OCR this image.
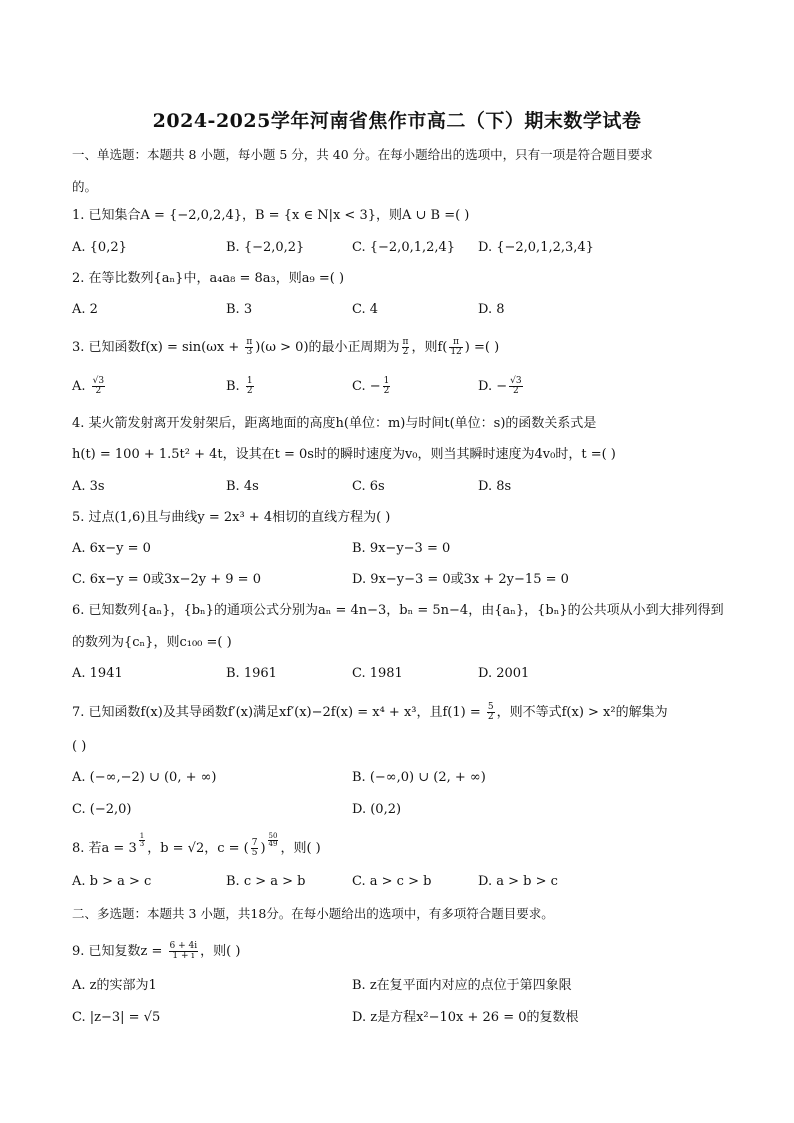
2024-2025学年河南省焦作市高二（下）期末数学试卷
一、单选题：本题共 8 小题，每小题 5 分，共 40 分。在每小题给出的选项中，只有一项是符合题目要求
的。
1. 已知集合A = {−2,0,2,4}，B = {x ∈ N|x < 3}，则A ∪ B =( )
A. {0,2}	B. {−2,0,2}	C. {−2,0,1,2,4} D. {−2,0,1,2,3,4}
2. 在等比数列{aₙ}中，a₄a₈ = 8a₃，则a₉ =( )
A. 2	B. 3	C. 4	D. 8
3. 已知函数$f(x) = \sin(\omega x + \frac{\pi}{3} )(\omega > 0)$的最小正周期为 $\frac{\pi}{2}$ ，则$f( \frac{\pi}{12}$ ) =( )
A. $\frac{√3}{2}$	B. $\frac{1}{2}$	C. − $\frac{1}{2}$	D. − $\frac{√3}{2}$
4. 某火箭发射离开发射架后，距离地面的高度h(单位：m)与时间t(单位：s)的函数关系式是
h(t) = 100 + 1.5t² + 4t，设其在t = 0s时的瞬时速度为v₀，则当其瞬时速度为4v₀时，t =( )
A. 3s	B. 4s	C. 6s	D. 8s
5. 过点(1,6)且与曲线y = 2x³ + 4相切的直线方程为( )
A. 6x−y = 0	B. 9x−y−3 = 0
C. 6x−y = 0或3x−2y + 9 = 0	D. 9x−y−3 = 0或3x + 2y−15 = 0
6. 已知数列{aₙ}，{bₙ}的通项公式分别为aₙ = 4n−3，bₙ = 5n−4，由{aₙ}，{bₙ}的公共项从小到大排列得到
的数列为{cₙ}，则c₁₀₀ =( )
A. 1941	B. 1961	C. 1981	D. 2001
7. 已知函数f(x)及其导函数f′(x)满足xf′(x)−2f(x) = x⁴ + x³，且$f(1) = \frac{5}{2}$ ，则不等式f(x) > x²的解集为
( )
A. (−∞,−2) ∪ (0, + ∞)	B. (−∞,0) ∪ (2, + ∞)
C. (−2,0)	D. (0,2)
8. 若a = 3
$\frac{1}{3}$
，b = √2，c = ( $\frac{7}{5}$ )
$\frac{50}{49}$
，则( )
A. b > a > c	B. c > a > b	C. a > c > b	D. a > b > c
二、多选题：本题共 3 小题，共18分。在每小题给出的选项中，有多项符合题目要求。
9. 已知复数$z = \frac{6 + 4i}{1 + i}$ ，则( )
A. z的实部为1	B. z在复平面内对应的点位于第四象限
C. |z−3| = √5	D. z是方程x²−10x + 26 = 0的复数根
